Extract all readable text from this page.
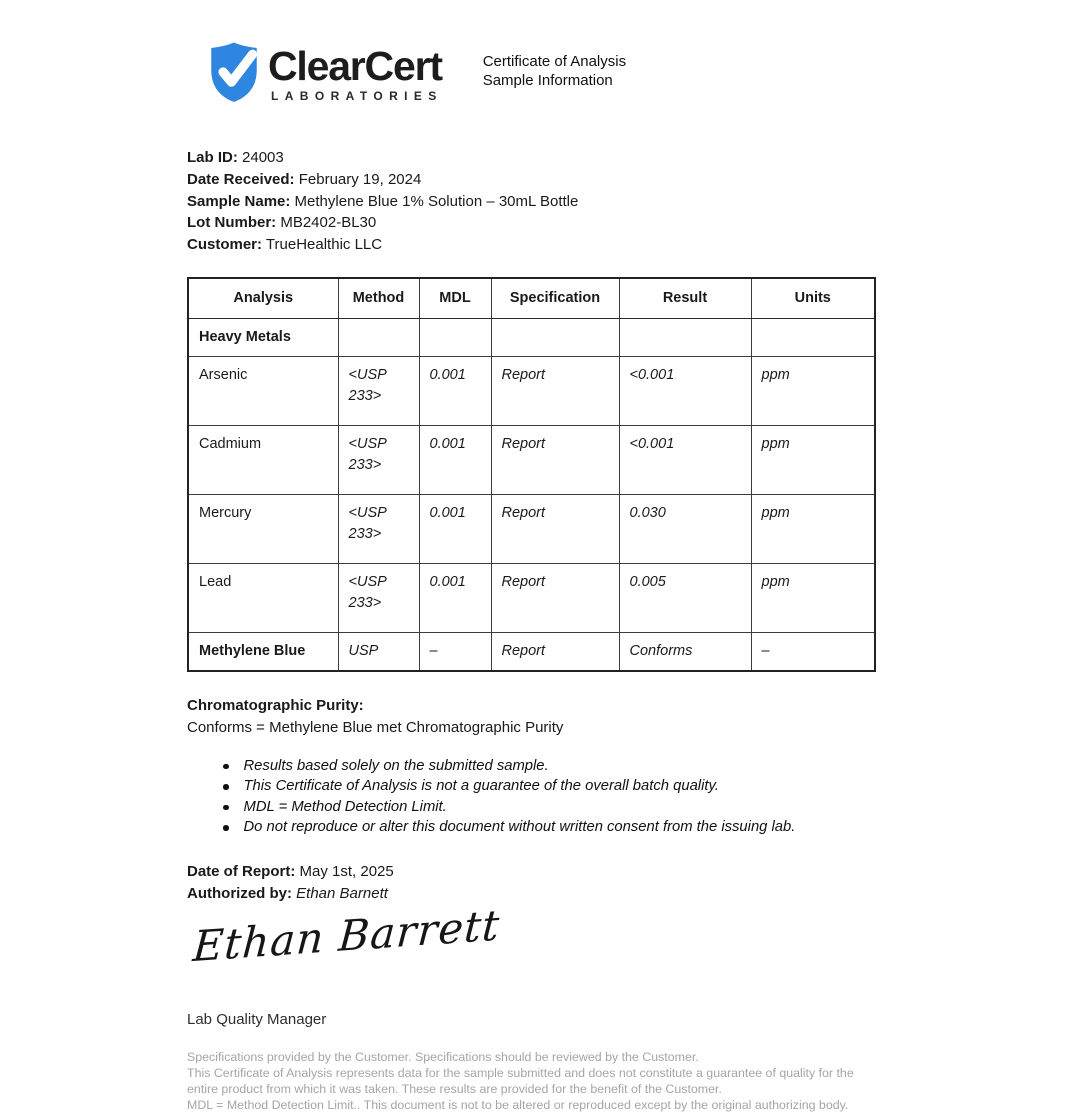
ClearCert
LABORATORIES
Certificate of Analysis
Sample Information
Lab ID: 24003
Date Received: February 19, 2024
Sample Name: Methylene Blue 1% Solution – 30mL Bottle
Lot Number: MB2402-BL30
Customer: TrueHealthic LLC
Analysis	Method	MDL	Specification	Result	Units
Heavy Metals					
Arsenic	<USP 233>	0.001	Report	<0.001	ppm
Cadmium	<USP 233>	0.001	Report	<0.001	ppm
Mercury	<USP 233>	0.001	Report	0.030	ppm
Lead	<USP 233>	0.001	Report	0.005	ppm
Methylene Blue	USP	–	Report	Conforms	–
Chromatographic Purity:
Conforms = Methylene Blue met Chromatographic Purity
Results based solely on the submitted sample.
This Certificate of Analysis is not a guarantee of the overall batch quality.
MDL = Method Detection Limit.
Do not reproduce or alter this document without written consent from the issuing lab.
Date of Report: May 1st, 2025
Authorized by: Ethan Barnett
Ethan Barrett
Lab Quality Manager

Specifications provided by the Customer. Specifications should be reviewed by the Customer.

This Certificate of Analysis represents data for the sample submitted and does not constitute a guarantee of quality for the entire product from which it was taken. These results are provided for the benefit of the Customer.

MDL = Method Detection Limit.. This document is not to be altered or reproduced except by the original authorizing body.
